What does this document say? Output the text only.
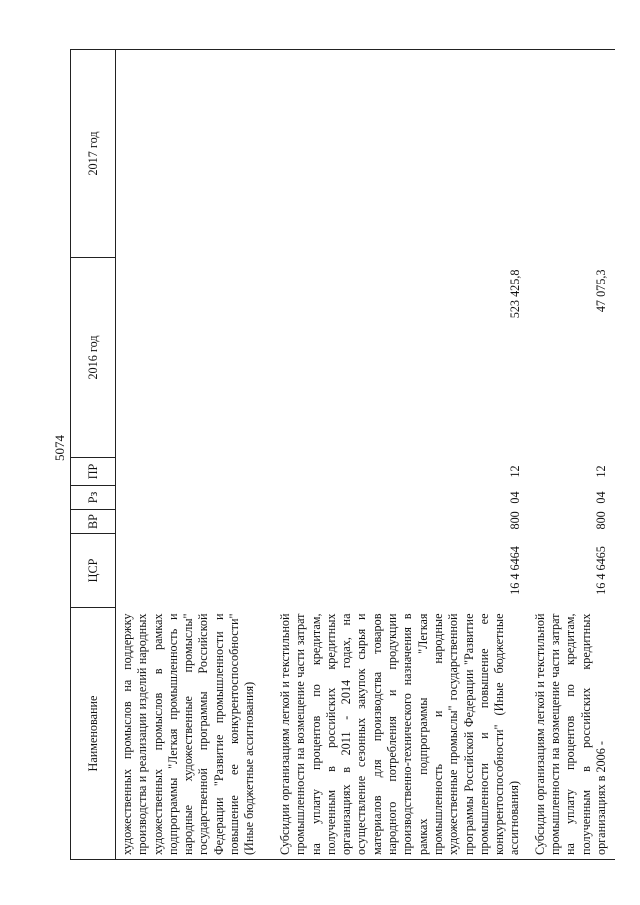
5074
Наименование	ЦСР	ВР	Рз	ПР	2016 год	2017 год
художественных промыслов на поддержку производства и реализации изделий народных художественных промыслов в рамках подпрограммы "Легкая промышленность и народные художественные промыслы" государственной программы Российской Федерации "Развитие промышленности и повышение ее конкурентоспособности" (Иные бюджетные ассигнования)						
Субсидии организациям легкой и текстильной промышленности на возмещение части затрат на уплату процентов по кредитам, полученным в российских кредитных организациях в 2011 - 2014 годах, на осуществление сезонных закупок сырья и материалов для производства товаров народного потребления и продукции производственно-технического назначения в рамках подпрограммы "Легкая промышленность и народные художественные промыслы" государственной программы Российской Федерации "Развитие промышленности и повышение ее конкурентоспособности" (Иные бюджетные ассигнования)	16 4 6464	800	04	12	523 425,8	
Субсидии организациям легкой и текстильной промышленности на возмещение части затрат на уплату процентов по кредитам, полученным в российских кредитных организациях в 2006 -	16 4 6465	800	04	12	47 075,3	
